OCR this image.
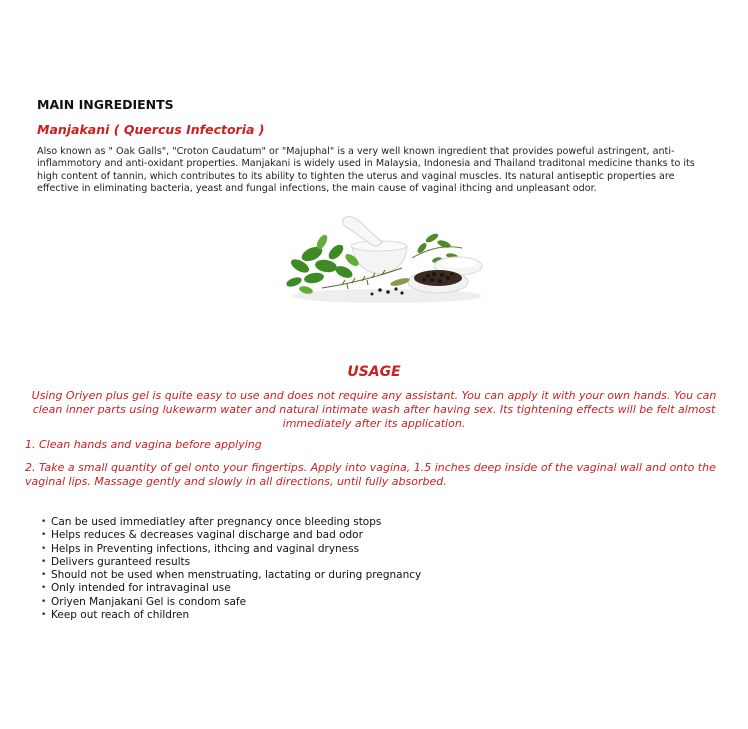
MAIN INGREDIENTS
Manjakani ( Quercus Infectoria )
Also known as " Oak Galls", "Croton Caudatum" or "Majuphal" is a very well known ingredient that provides poweful astringent, anti-inflammotory and anti-oxidant properties. Manjakani is widely used in Malaysia, Indonesia and Thailand traditonal medicine thanks to its high content of tannin, which contributes to its ability to tighten the uterus and vaginal muscles. Its natural antiseptic properties are effective in eliminating bacteria, yeast and fungal infections, the main cause of vaginal ithcing and unpleasant odor.
USAGE
Using Oriyen plus gel is quite easy to use and does not require any assistant. You can apply it with your own hands. You can clean inner parts using lukewarm water and natural intimate wash after having sex. Its tightening effects will be felt almost immediately after its application.
1. Clean hands and vagina before applying
2. Take a small quantity of gel onto your fingertips. Apply into vagina, 1.5 inches deep inside of the vaginal wall and onto the vaginal lips. Massage gently and slowly in all directions, until fully absorbed.
• Can be used immediatley after pregnancy once bleeding stops
• Helps reduces & decreases vaginal discharge and bad odor
• Helps in Preventing infections, ithcing and vaginal dryness
• Delivers guranteed results
• Should not be used when menstruating, lactating or during pregnancy
• Only intended for intravaginal use
• Oriyen Manjakani Gel is condom safe
• Keep out reach of children
